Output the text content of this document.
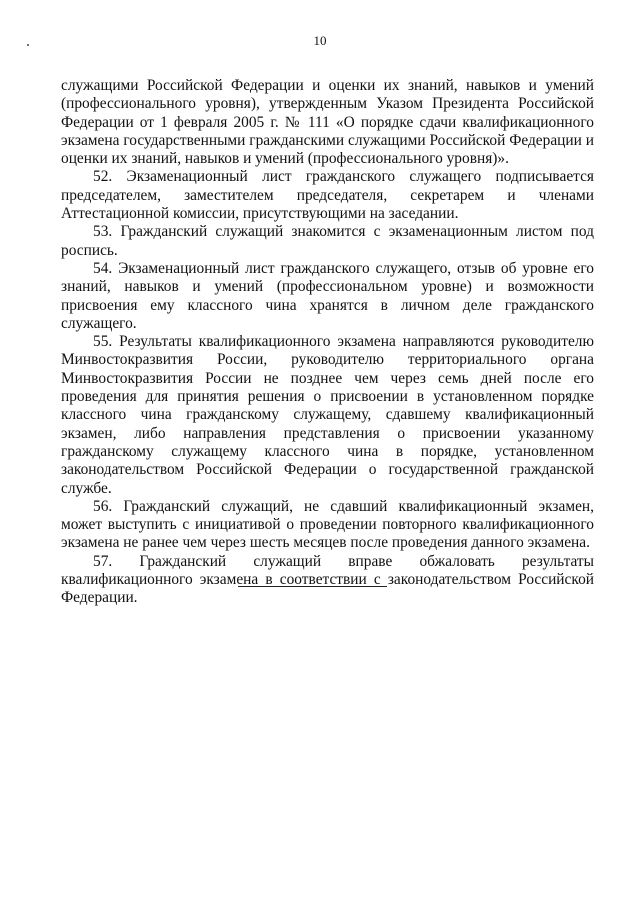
10

служащими Российской Федерации и оценки их знаний, навыков и умений (профессионального уровня), утвержденным Указом Президента Российской Федерации от 1 февраля 2005 г. № 111 «О порядке сдачи квалификационного экзамена государственными гражданскими служащими Российской Федерации и оценки их знаний, навыков и умений (профессионального уровня)».

52. Экзаменационный лист гражданского служащего подписывается председателем, заместителем председателя, секретарем и членами Аттестационной комиссии, присутствующими на заседании.

53. Гражданский служащий знакомится с экзаменационным листом под роспись.

54. Экзаменационный лист гражданского служащего, отзыв об уровне его знаний, навыков и умений (профессиональном уровне) и возможности присвоения ему классного чина хранятся в личном деле гражданского служащего.

55. Результаты квалификационного экзамена направляются руководителю Минвостокразвития России, руководителю территориального органа Минвостокразвития России не позднее чем через семь дней после его проведения для принятия решения о присвоении в установленном порядке классного чина гражданскому служащему, сдавшему квалификационный экзамен, либо направления представления о присвоении указанному гражданскому служащему классного чина в порядке, установленном законодательством Российской Федерации о государственной гражданской службе.

56. Гражданский служащий, не сдавший квалификационный экзамен, может выступить с инициативой о проведении повторного квалификационного экзамена не ранее чем через шесть месяцев после проведения данного экзамена.

57. Гражданский служащий вправе обжаловать результаты квалификационного экзамена в соответствии с законодательством Российской Федерации.
